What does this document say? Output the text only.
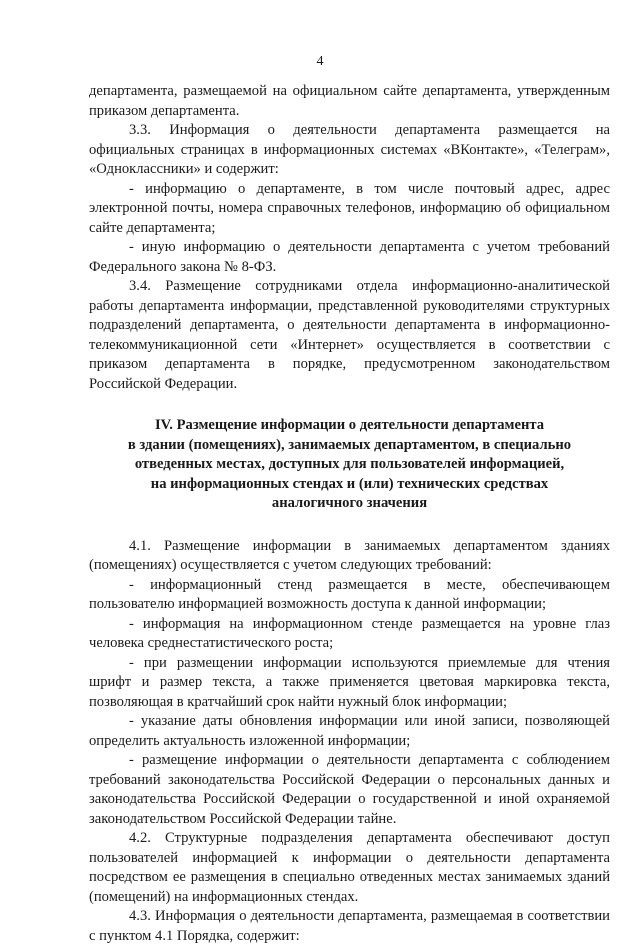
4

департамента, размещаемой на официальном сайте департамента, утвержденным приказом департамента.

3.3. Информация о деятельности департамента размещается на официальных страницах в информационных системах «ВКонтакте», «Телеграм», «Одноклассники» и содержит:

- информацию о департаменте, в том числе почтовый адрес, адрес электронной почты, номера справочных телефонов, информацию об официальном сайте департамента;

- иную информацию о деятельности департамента с учетом требований Федерального закона № 8-ФЗ.

3.4. Размещение сотрудниками отдела информационно-аналитической работы департамента информации, представленной руководителями структурных подразделений департамента, о деятельности департамента в информационно-телекоммуникационной сети «Интернет» осуществляется в соответствии с приказом департамента в порядке, предусмотренном законодательством Российской Федерации.

IV. Размещение информации о деятельности департамента
в здании (помещениях), занимаемых департаментом, в специально
отведенных местах, доступных для пользователей информацией,
на информационных стендах и (или) технических средствах
аналогичного значения

4.1. Размещение информации в занимаемых департаментом зданиях (помещениях) осуществляется с учетом следующих требований:

- информационный стенд размещается в месте, обеспечивающем пользователю информацией возможность доступа к данной информации;

- информация на информационном стенде размещается на уровне глаз человека среднестатистического роста;

- при размещении информации используются приемлемые для чтения шрифт и размер текста, а также применяется цветовая маркировка текста, позволяющая в кратчайший срок найти нужный блок информации;

- указание даты обновления информации или иной записи, позволяющей определить актуальность изложенной информации;

- размещение информации о деятельности департамента с соблюдением требований законодательства Российской Федерации о персональных данных и законодательства Российской Федерации о государственной и иной охраняемой законодательством Российской Федерации тайне.

4.2. Структурные подразделения департамента обеспечивают доступ пользователей информацией к информации о деятельности департамента посредством ее размещения в специально отведенных местах занимаемых зданий (помещений) на информационных стендах.

4.3. Информация о деятельности департамента, размещаемая в соответствии с пунктом 4.1 Порядка, содержит:
